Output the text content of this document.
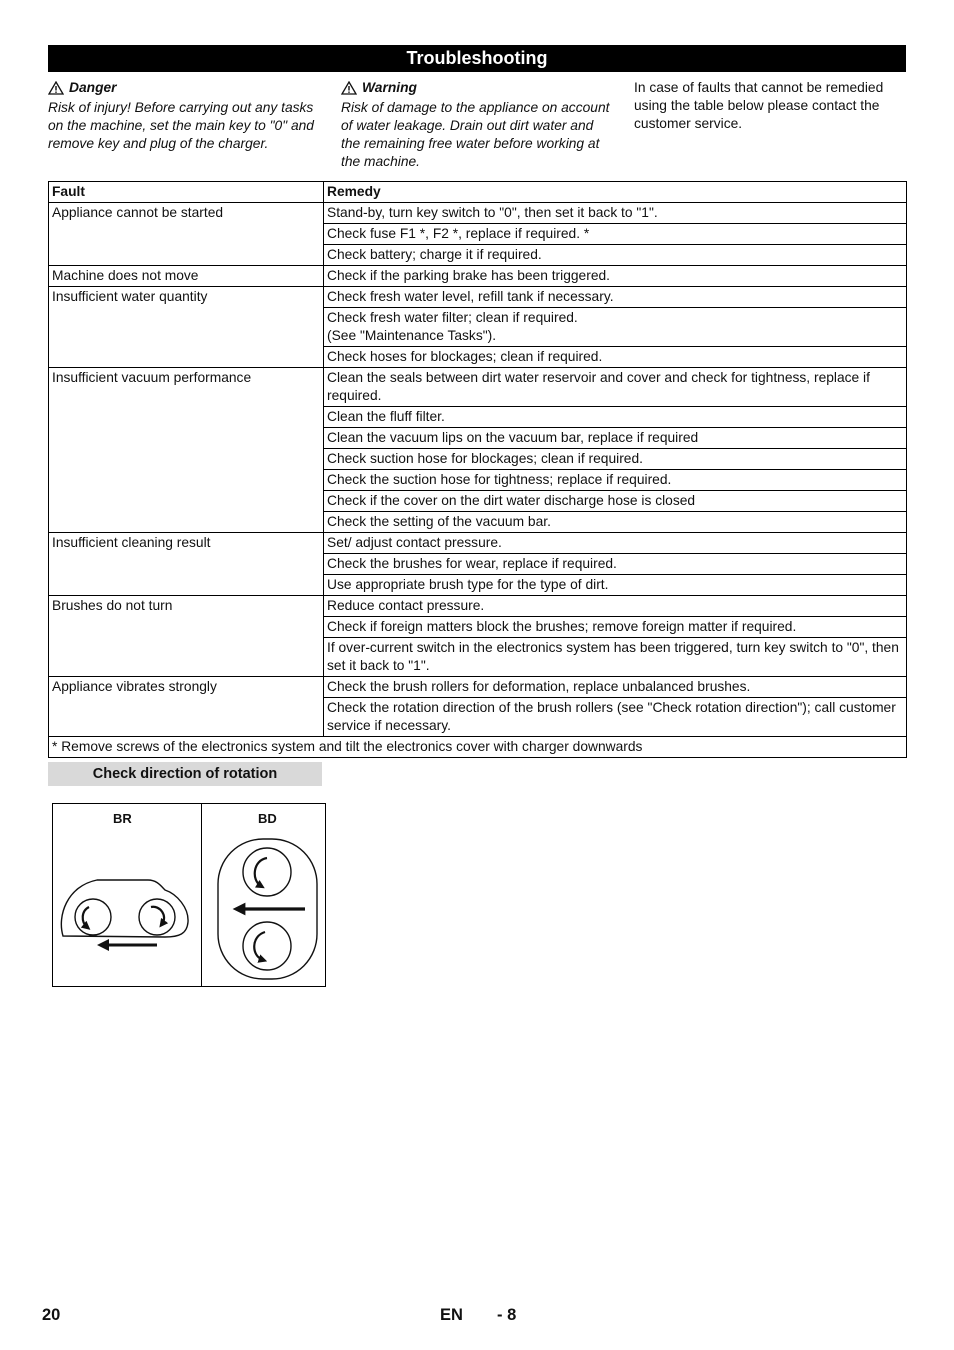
Troubleshooting
Danger
Risk of injury! Before carrying out any tasks on the machine, set the main key to "0" and remove key and plug of the charger.
Warning
Risk of damage to the appliance on account of water leakage. Drain out dirt water and the remaining free water before working at the machine.
In case of faults that cannot be remedied using the table below please contact the customer service.
Fault	Remedy
Appliance cannot be started	Stand-by, turn key switch to "0", then set it back to "1".
	Check fuse F1 *, F2 *, replace if required. *
	Check battery; charge it if required.
Machine does not move	Check if the parking brake has been triggered.
Insufficient water quantity	Check fresh water level, refill tank if necessary.
	Check fresh water filter; clean if required.
(See "Maintenance Tasks").
	Check hoses for blockages; clean if required.
Insufficient vacuum performance	Clean the seals between dirt water reservoir and cover and check for tightness, replace if required.
	Clean the fluff filter.
	Clean the vacuum lips on the vacuum bar, replace if required
	Check suction hose for blockages; clean if required.
	Check the suction hose for tightness; replace if required.
	Check if the cover on the dirt water discharge hose is closed
	Check the setting of the vacuum bar.
Insufficient cleaning result	Set/ adjust contact pressure.
	Check the brushes for wear, replace if required.
	Use appropriate brush type for the type of dirt.
Brushes do not turn	Reduce contact pressure.
	Check if foreign matters block the brushes; remove foreign matter if required.
	If over-current switch in the electronics system has been triggered, turn key switch to "0", then set it back to "1".
Appliance vibrates strongly	Check the brush rollers for deformation, replace unbalanced brushes.
	Check the rotation direction of the brush rollers (see "Check rotation direction"); call customer service if necessary.
* Remove screws of the electronics system and tilt the electronics cover with charger downwards	
Check direction of rotation
BR	BD
20	EN - 8
